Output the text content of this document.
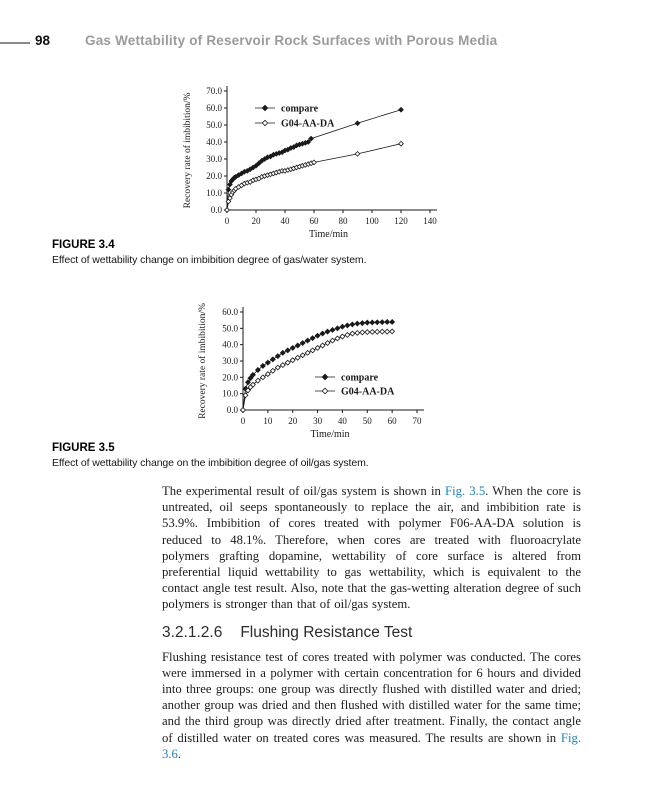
98	Gas Wettability of Reservoir Rock Surfaces with Porous Media
0.0
10.0
20.0
30.0
40.0
50.0
60.0
70.0
0 20 40 60 80 100 120 140
Time/min
Recovery rate of imbibition/%	compare
G04-AA-DA
FIGURE 3.4
Effect of wettability change on imbibition degree of gas/water system.
0.0
10.0
20.0
30.0
40.0
50.0
60.0
0 10 20 30 40 50 60 70
Time/min
Recovery rate of imbibition/%	compare
G04-AA-DA
FIGURE 3.5
Effect of wettability change on the imbibition degree of oil/gas system.

The experimental result of oil/gas system is shown in Fig. 3.5. When the core is untreated, oil seeps spontaneously to replace the air, and imbibition rate is 53.9%. Imbibition of cores treated with polymer F06-AA-DA solution is reduced to 48.1%. Therefore, when cores are treated with fluoroacrylate polymers grafting dopamine, wettability of core surface is altered from preferential liquid wettability to gas wettability, which is equivalent to the contact angle test result. Also, note that the gas-wetting alteration degree of such polymers is stronger than that of oil/gas system.

3.2.1.2.6 Flushing Resistance Test

Flushing resistance test of cores treated with polymer was conducted. The cores were immersed in a polymer with certain concentration for 6 hours and divided into three groups: one group was directly flushed with distilled water and dried; another group was dried and then flushed with distilled water for the same time; and the third group was directly dried after treatment. Finally, the contact angle of distilled water on treated cores was measured. The results are shown in Fig. 3.6.
